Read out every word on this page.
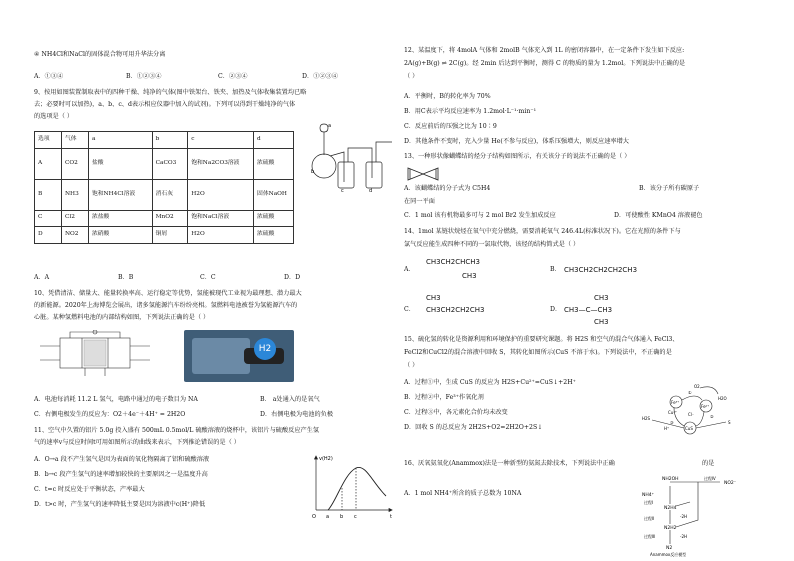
④ NH4Cl和NaCl的固体混合物可用升华法分离
A．①③④	B．①②③④	C．②③④	D．①②③④
9、按用如图装置制取表中的四种干燥、纯净的气体(图中铁架台、铁夹、加热及气体收集装置均已略
去；必要时可以加热)，a、b、c、d表示相应仪器中加入的试剂)。下列可以得到干燥纯净的气体
的选项是（ ）
选项	气体	a	b	c	d
A	CO2	盐酸	CaCO3	饱和Na2CO3溶液	浓硫酸
B	NH3	饱和NH4Cl溶液	消石灰	H2O	固体NaOH
C	Cl2	浓盐酸	MnO2	饱和NaCl溶液	浓硫酸
D	NO2	浓硝酸	铜屑	H2O	浓硫酸
a
b
c	d
A．A	B．B	C．C	D．D
10、凭借清洁、储量大、能量转换率高、运行稳定等优势，氢能被现代工业视为最理想、潜力最大
的新能源。2020年上海博览会展出，诸多氢能源汽车纷纷亮相。氢燃料电池被誉为氢能源汽车的
心脏。某种氢燃料电池的内部结构如图，下列说法正确的是（ ）
H2
A．电池每消耗 11.2 L 氢气，电路中通过的电子数目为 NA	B． a处通入的是氧气
C．右侧电极发生的反应为：O2＋4e⁻＋4H⁺ = 2H2O	D．右侧电极为电池的负极
11、空气中久置的铝片 5.0g 投入盛有 500mL 0.5mol/L 硫酸溶液的烧杯中，该铝片与硫酸反应产生氢
气的速率v与反应时间t可用如图所示的曲线来表示，下列推论错误的是（ ）
A．O→a 段不产生氢气是因为表面的氧化物隔离了铝和硫酸溶液
B．b→c 段产生氢气的速率增加较快的主要原因之一是温度升高
C．t=c 时反应处于平衡状态，产率最大
D．t>c 时，产生氢气的速率降低主要是因为溶液中c(H⁺)降低
v(H2)
t
O a b c
12、某温度下，将 4molA 气体和 2molB 气体充入到 1L 的密闭容器中，在一定条件下发生如下反应:
2A(g)+B(g) ⇌ 2C(g)。经 2min 后达到平衡时，测得 C 的物质的量为 1.2mol。下列说法中正确的是
（ ）
A．平衡时，B的转化率为 70%
B．用C表示平均反应速率为 1.2mol·L⁻¹·min⁻¹
C．反应前后的压强之比为 10∶9
D．其他条件不变时，充入少量 He(不参与反应)，体系压强增大，则反应速率增大
13、一种形状像蝴蝶结的烃分子结构如图所示，有关该分子的说法不正确的是（ ）
A．该蝴蝶结的分子式为 C5H4	B．该分子所有碳原子
在同一平面
C．1 mol 该有机物最多可与 2 mol Br2 发生加成反应	D．可使酸性 KMnO4 溶液褪色
14、1mol 某链状烷烃在氧气中充分燃烧，需要消耗氧气 246.4L(标准状况下)。它在光照的条件下与
氯气反应能生成四种不同的一氯取代物，该烃的结构简式是（ ）
A．
CH3CH2CHCH3
CH3
B． CH3CH2CH2CH2CH3
CH3
C． CH3CH2CH2CH3
CH3
D． CH3—C—CH3
CH3
15、硫化氢的转化是资源利用和环境保护的重要研究课题。将 H2S 和空气的混合气体通入 FeCl3、
FeCl2和CuCl2的混合溶液中回收 S，其转化如图所示(CuS 不溶于水)。下列说法中，不正确的是
（ ）
A．过程①中，生成 CuS 的反应为 H2S+Cu²⁺=CuS↓+2H⁺
B．过程②中，Fe³⁺作氧化剂
C．过程③中，各元素化合价均未改变
D．回收 S 的总反应为 2H2S+O2=2H2O+2S↓
Fe³⁺
Fe²⁺
CuS
Cu²⁺
O2
H2O
H2S
S
Cl⁻
H⁺
①
②
③
16、厌氧氨氧化(Anammox)法是一种新型的氨氮去除技术，下列说法中正确	的是
A．1 mol NH4⁺所含的质子总数为 10NA
NH2OH
NO2⁻
过程Ⅳ
NH4⁺
过程Ⅰ
N2H4
过程Ⅱ	-2H
N2H2
过程Ⅲ	-2H
N2
Anammox反应模型
